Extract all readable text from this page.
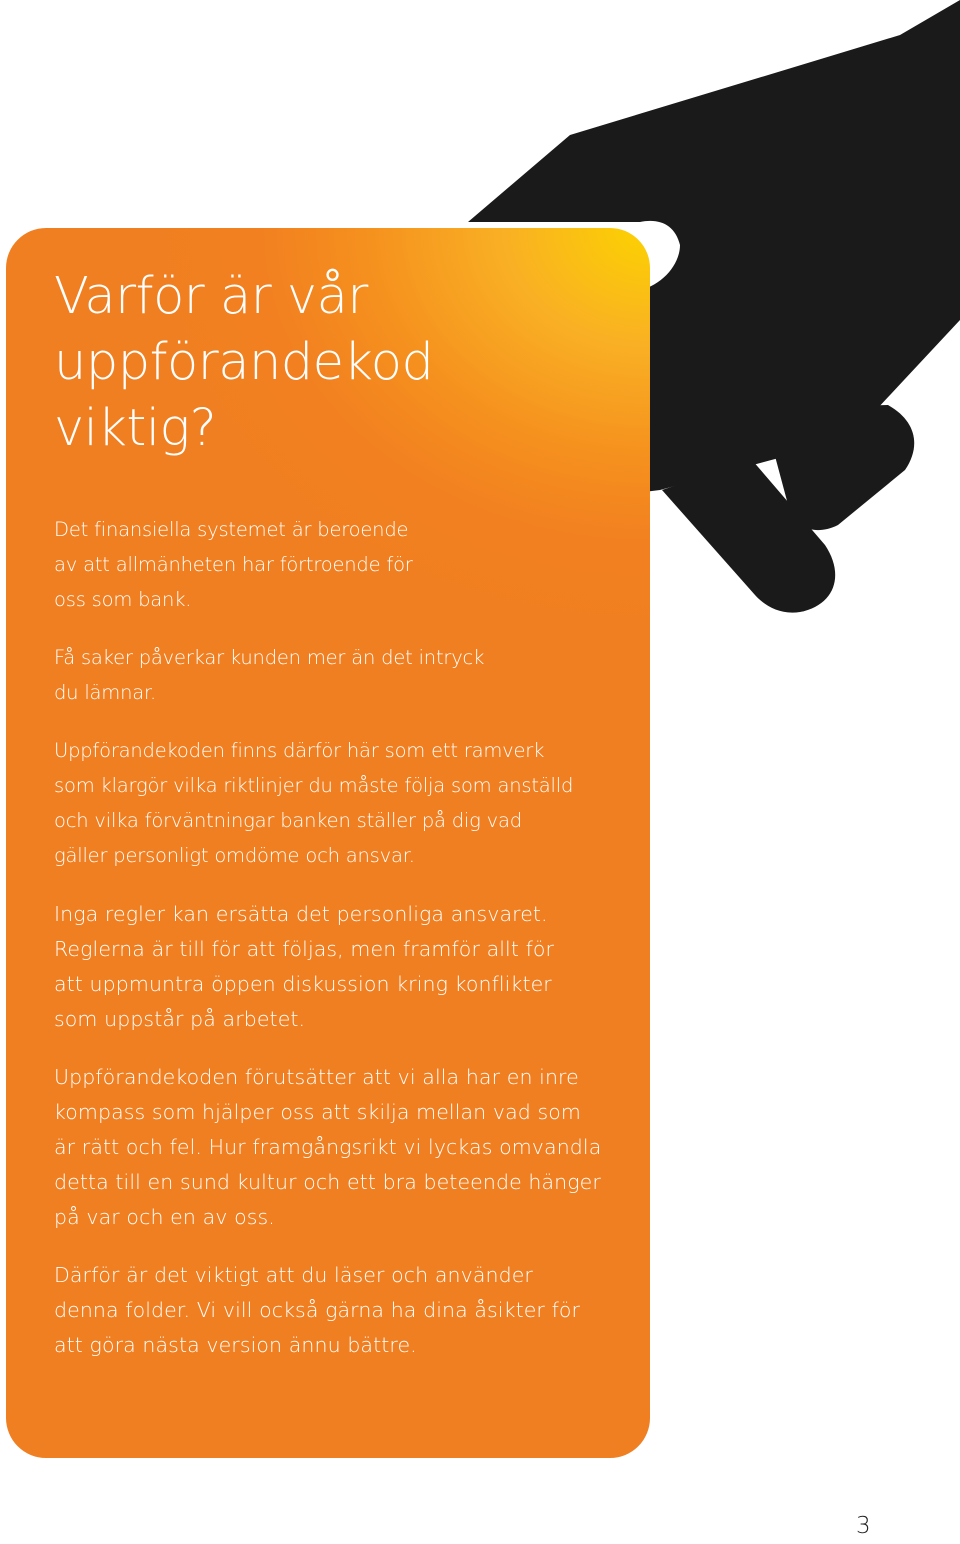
Varför är vår
uppförandekod
viktig?

Det finansiella systemet är beroende
av att allmänheten har förtroende för
oss som bank.

Få saker påverkar kunden mer än det intryck
du lämnar.

Uppförandekoden finns därför här som ett ramverk
som klargör vilka riktlinjer du måste följa som anställd
och vilka förväntningar banken ställer på dig vad
gäller personligt omdöme och ansvar.

Inga regler kan ersätta det personliga ansvaret.
Reglerna är till för att följas, men framför allt för
att uppmuntra öppen diskussion kring konflikter
som uppstår på arbetet.

Uppförandekoden förutsätter att vi alla har en inre
kompass som hjälper oss att skilja mellan vad som
är rätt och fel. Hur framgångsrikt vi lyckas omvandla
detta till en sund kultur och ett bra beteende hänger
på var och en av oss.

Därför är det viktigt att du läser och använder
denna folder. Vi vill också gärna ha dina åsikter för
att göra nästa version ännu bättre.

3
